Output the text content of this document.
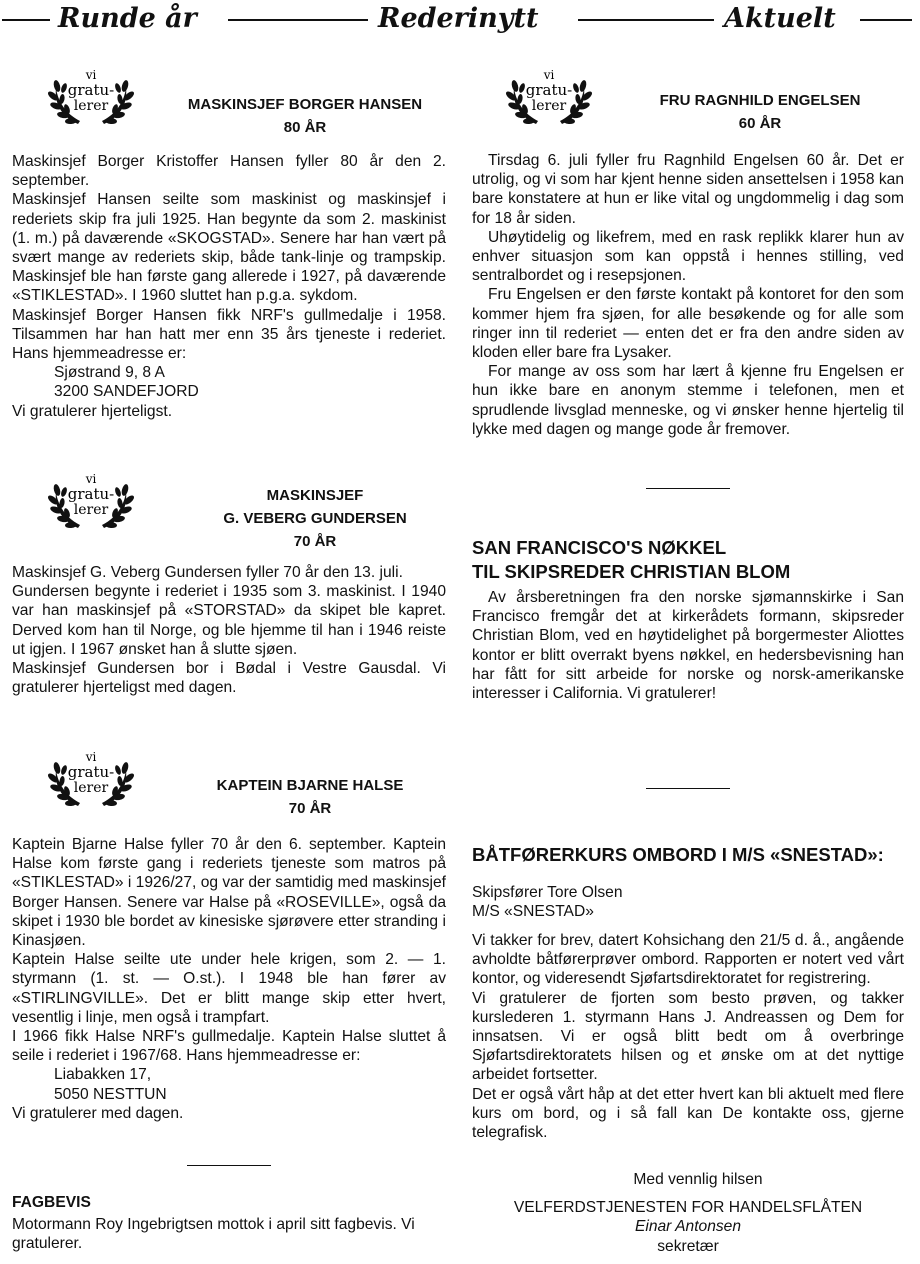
Runde år	Rederinytt	Aktuelt
vi
gratu-
lerer	MASKINSJEF BORGER HANSEN
80 ÅR

Maskinsjef Borger Kristoffer Hansen fyller 80 år den 2. september.

Maskinsjef Hansen seilte som maskinist og maskinsjef i rederiets skip fra juli 1925. Han begynte da som 2. maskinist (1. m.) på daværende «SKOGSTAD». Senere har han vært på svært mange av rederiets skip, både tank-linje og trampskip. Maskinsjef ble han første gang allerede i 1927, på daværende «STIKLESTAD». I 1960 sluttet han p.g.a. sykdom.

Maskinsjef Borger Hansen fikk NRF's gullmedalje i 1958. Tilsammen har han hatt mer enn 35 års tjeneste i rederiet. Hans hjemmeadresse er:

Sjøstrand 9, 8 A

3200 SANDEFJORD

Vi gratulerer hjerteligst.

vi
gratu-
lerer
MASKINSJEF
G. VEBERG GUNDERSEN
70 ÅR

Maskinsjef G. Veberg Gundersen fyller 70 år den 13. juli.

Gundersen begynte i rederiet i 1935 som 3. maskinist. I 1940 var han maskinsjef på «STORSTAD» da skipet ble kapret. Derved kom han til Norge, og ble hjemme til han i 1946 reiste ut igjen. I 1967 ønsket han å slutte sjøen.

Maskinsjef Gundersen bor i Bødal i Vestre Gausdal. Vi gratulerer hjerteligst med dagen.

vi
gratu-
lerer	KAPTEIN BJARNE HALSE
70 ÅR

Kaptein Bjarne Halse fyller 70 år den 6. september. Kaptein Halse kom første gang i rederiets tjeneste som matros på «STIKLESTAD» i 1926/27, og var der samtidig med maskinsjef Borger Hansen. Senere var Halse på «ROSEVILLE», også da skipet i 1930 ble bordet av kinesiske sjørøvere etter stranding i Kinasjøen.

Kaptein Halse seilte ute under hele krigen, som 2. — 1. styrmann (1. st. — O.st.). I 1948 ble han fører av «STIRLINGVILLE». Det er blitt mange skip etter hvert, vesentlig i linje, men også i trampfart.

I 1966 fikk Halse NRF's gullmedalje. Kaptein Halse sluttet å seile i rederiet i 1967/68. Hans hjemmeadresse er:

Liabakken 17,

5050 NESTTUN

Vi gratulerer med dagen.

FAGBEVIS
Motormann Roy Ingebrigtsen mottok i april sitt fagbevis. Vi gratulerer.
vi
gratu-
lerer	FRU RAGNHILD ENGELSEN
60 ÅR

Tirsdag 6. juli fyller fru Ragnhild Engelsen 60 år. Det er utrolig, og vi som har kjent henne siden ansettelsen i 1958 kan bare konstatere at hun er like vital og ungdommelig i dag som for 18 år siden.

Uhøytidelig og likefrem, med en rask replikk klarer hun av enhver situasjon som kan oppstå i hennes stilling, ved sentralbordet og i resepsjonen.

Fru Engelsen er den første kontakt på kontoret for den som kommer hjem fra sjøen, for alle besøkende og for alle som ringer inn til rederiet — enten det er fra den andre siden av kloden eller bare fra Lysaker.

For mange av oss som har lært å kjenne fru Engelsen er hun ikke bare en anonym stemme i telefonen, men et sprudlende livsglad menneske, og vi ønsker henne hjertelig til lykke med dagen og mange gode år fremover.

SAN FRANCISCO'S NØKKEL
TIL SKIPSREDER CHRISTIAN BLOM
Av årsberetningen fra den norske sjømannskirke i San Francisco fremgår det at kirkerådets formann, skipsreder Christian Blom, ved en høytidelighet på borgermester Aliottes kontor er blitt overrakt byens nøkkel, en hedersbevisning han har fått for sitt arbeide for norske og norsk-amerikanske interesser i California. Vi gratulerer!
BÅTFØRERKURS OMBORD I M/S «SNESTAD»:

Skipsfører Tore Olsen

M/S «SNESTAD»

Vi takker for brev, datert Kohsichang den 21/5 d. å., angående avholdte båtførerprøver ombord. Rapporten er notert ved vårt kontor, og videresendt Sjøfartsdirektoratet for registrering.

Vi gratulerer de fjorten som besto prøven, og takker kurslederen 1. styrmann Hans J. Andreassen og Dem for innsatsen. Vi er også blitt bedt om å overbringe Sjøfartsdirektoratets hilsen og et ønske om at det nyttige arbeidet fortsetter.

Det er også vårt håp at det etter hvert kan bli aktuelt med flere kurs om bord, og i så fall kan De kontakte oss, gjerne telegrafisk.

Med vennlig hilsen

VELFERDSTJENESTEN FOR HANDELSFLÅTEN

Einar Antonsen

sekretær
